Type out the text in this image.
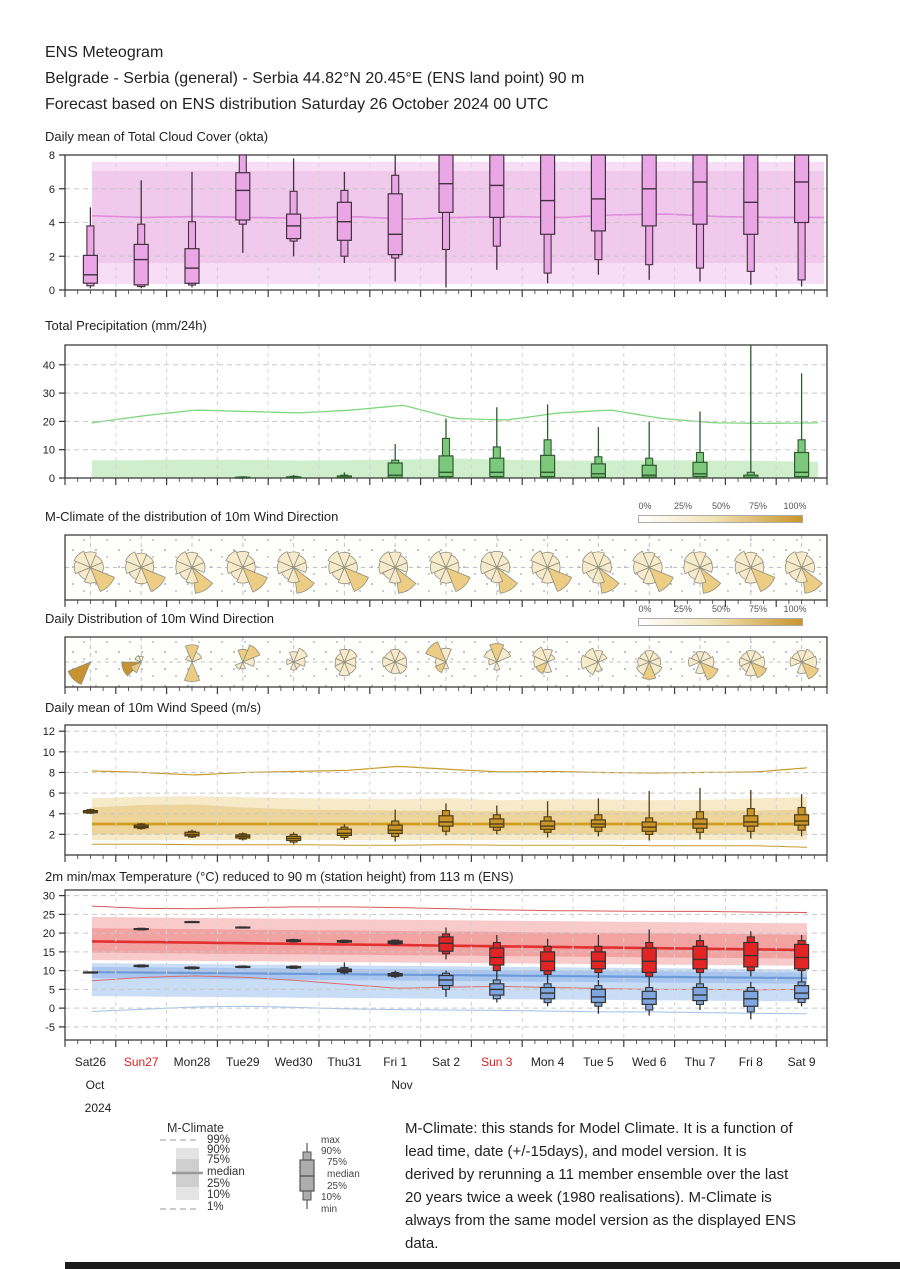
ENS Meteogram
Belgrade - Serbia (general) - Serbia 44.82°N 20.45°E (ENS land point) 90 m
Forecast based on ENS distribution Saturday 26 October 2024 00 UTC
Daily mean of Total Cloud Cover (okta)
0
2
4
6
8
Total Precipitation (mm/24h)
0
10
20
30
40
M-Climate of the distribution of 10m Wind Direction
0% 25% 50% 75% 100%
Daily Distribution of 10m Wind Direction
0% 25% 50% 75% 100%
Daily mean of 10m Wind Speed (m/s)
2
4
6
8
10
12
2m min/max Temperature (°C) reduced to 90 m (station height) from 113 m (ENS)
-5
0
5
10
15
20
25
30
Sat26 Sun27 Mon28 Tue29 Wed30 Thu31 Fri 1 Sat 2 Sun 3 Mon 4 Tue 5 Wed 6 Thu 7 Fri 8 Sat 9
Oct	Nov
2024
M-Climate
99%
90%
75%
median
25%
10%
1%
max
90%
75%
median
25%
10%
min
M-Climate: this stands for Model Climate. It is a function of lead time, date (+/-15days), and model version. It is derived by rerunning a 11 member ensemble over the last 20 years twice a week (1980 realisations). M-Climate is always from the same model version as the displayed ENS data.
